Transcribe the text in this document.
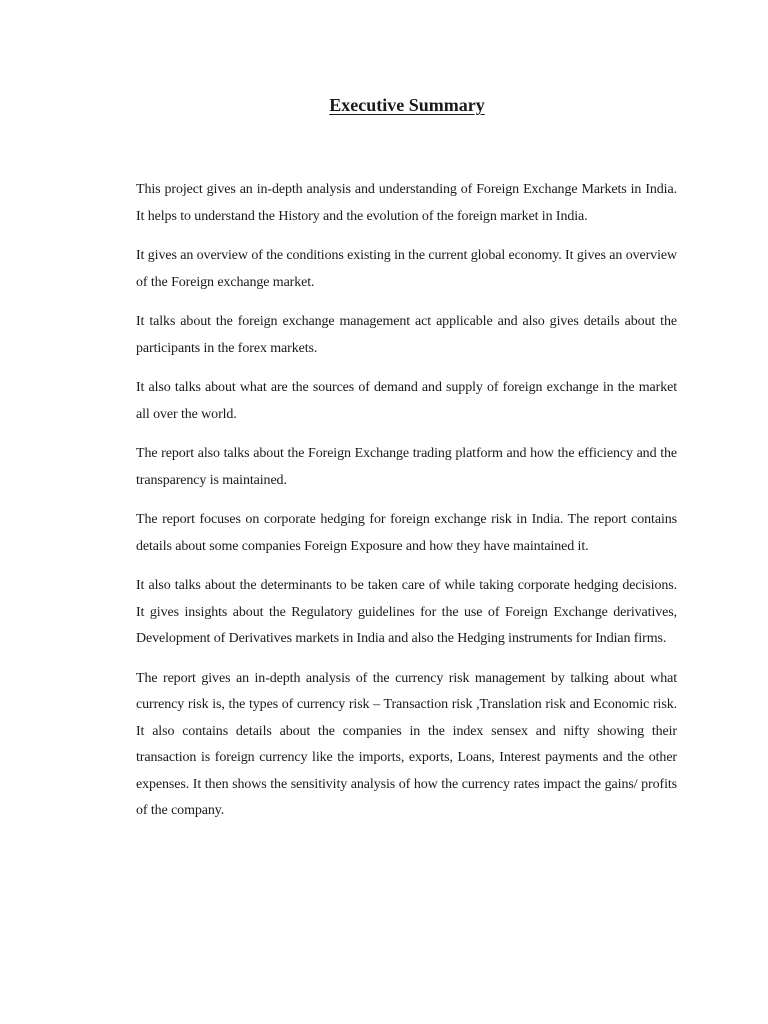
Executive Summary

This project gives an in-depth analysis and understanding of Foreign Exchange Markets in India. It helps to understand the History and the evolution of the foreign market in India.

It gives an overview of the conditions existing in the current global economy. It gives an overview of the Foreign exchange market.

It talks about the foreign exchange management act applicable and also gives details about the participants in the forex markets.

It also talks about what are the sources of demand and supply of foreign exchange in the market all over the world.

The report also talks about the Foreign Exchange trading platform and how the efficiency and the transparency is maintained.

The report focuses on corporate hedging for foreign exchange risk in India. The report contains details about some companies Foreign Exposure and how they have maintained it.

It also talks about the determinants to be taken care of while taking corporate hedging decisions. It gives insights about the Regulatory guidelines for the use of Foreign Exchange derivatives, Development of Derivatives markets in India and also the Hedging instruments for Indian firms.

The report gives an in-depth analysis of the currency risk management by talking about what currency risk is, the types of currency risk – Transaction risk ,Translation risk and Economic risk. It also contains details about the companies in the index sensex and nifty showing their transaction is foreign currency like the imports, exports, Loans, Interest payments and the other expenses. It then shows the sensitivity analysis of how the currency rates impact the gains/ profits of the company.
